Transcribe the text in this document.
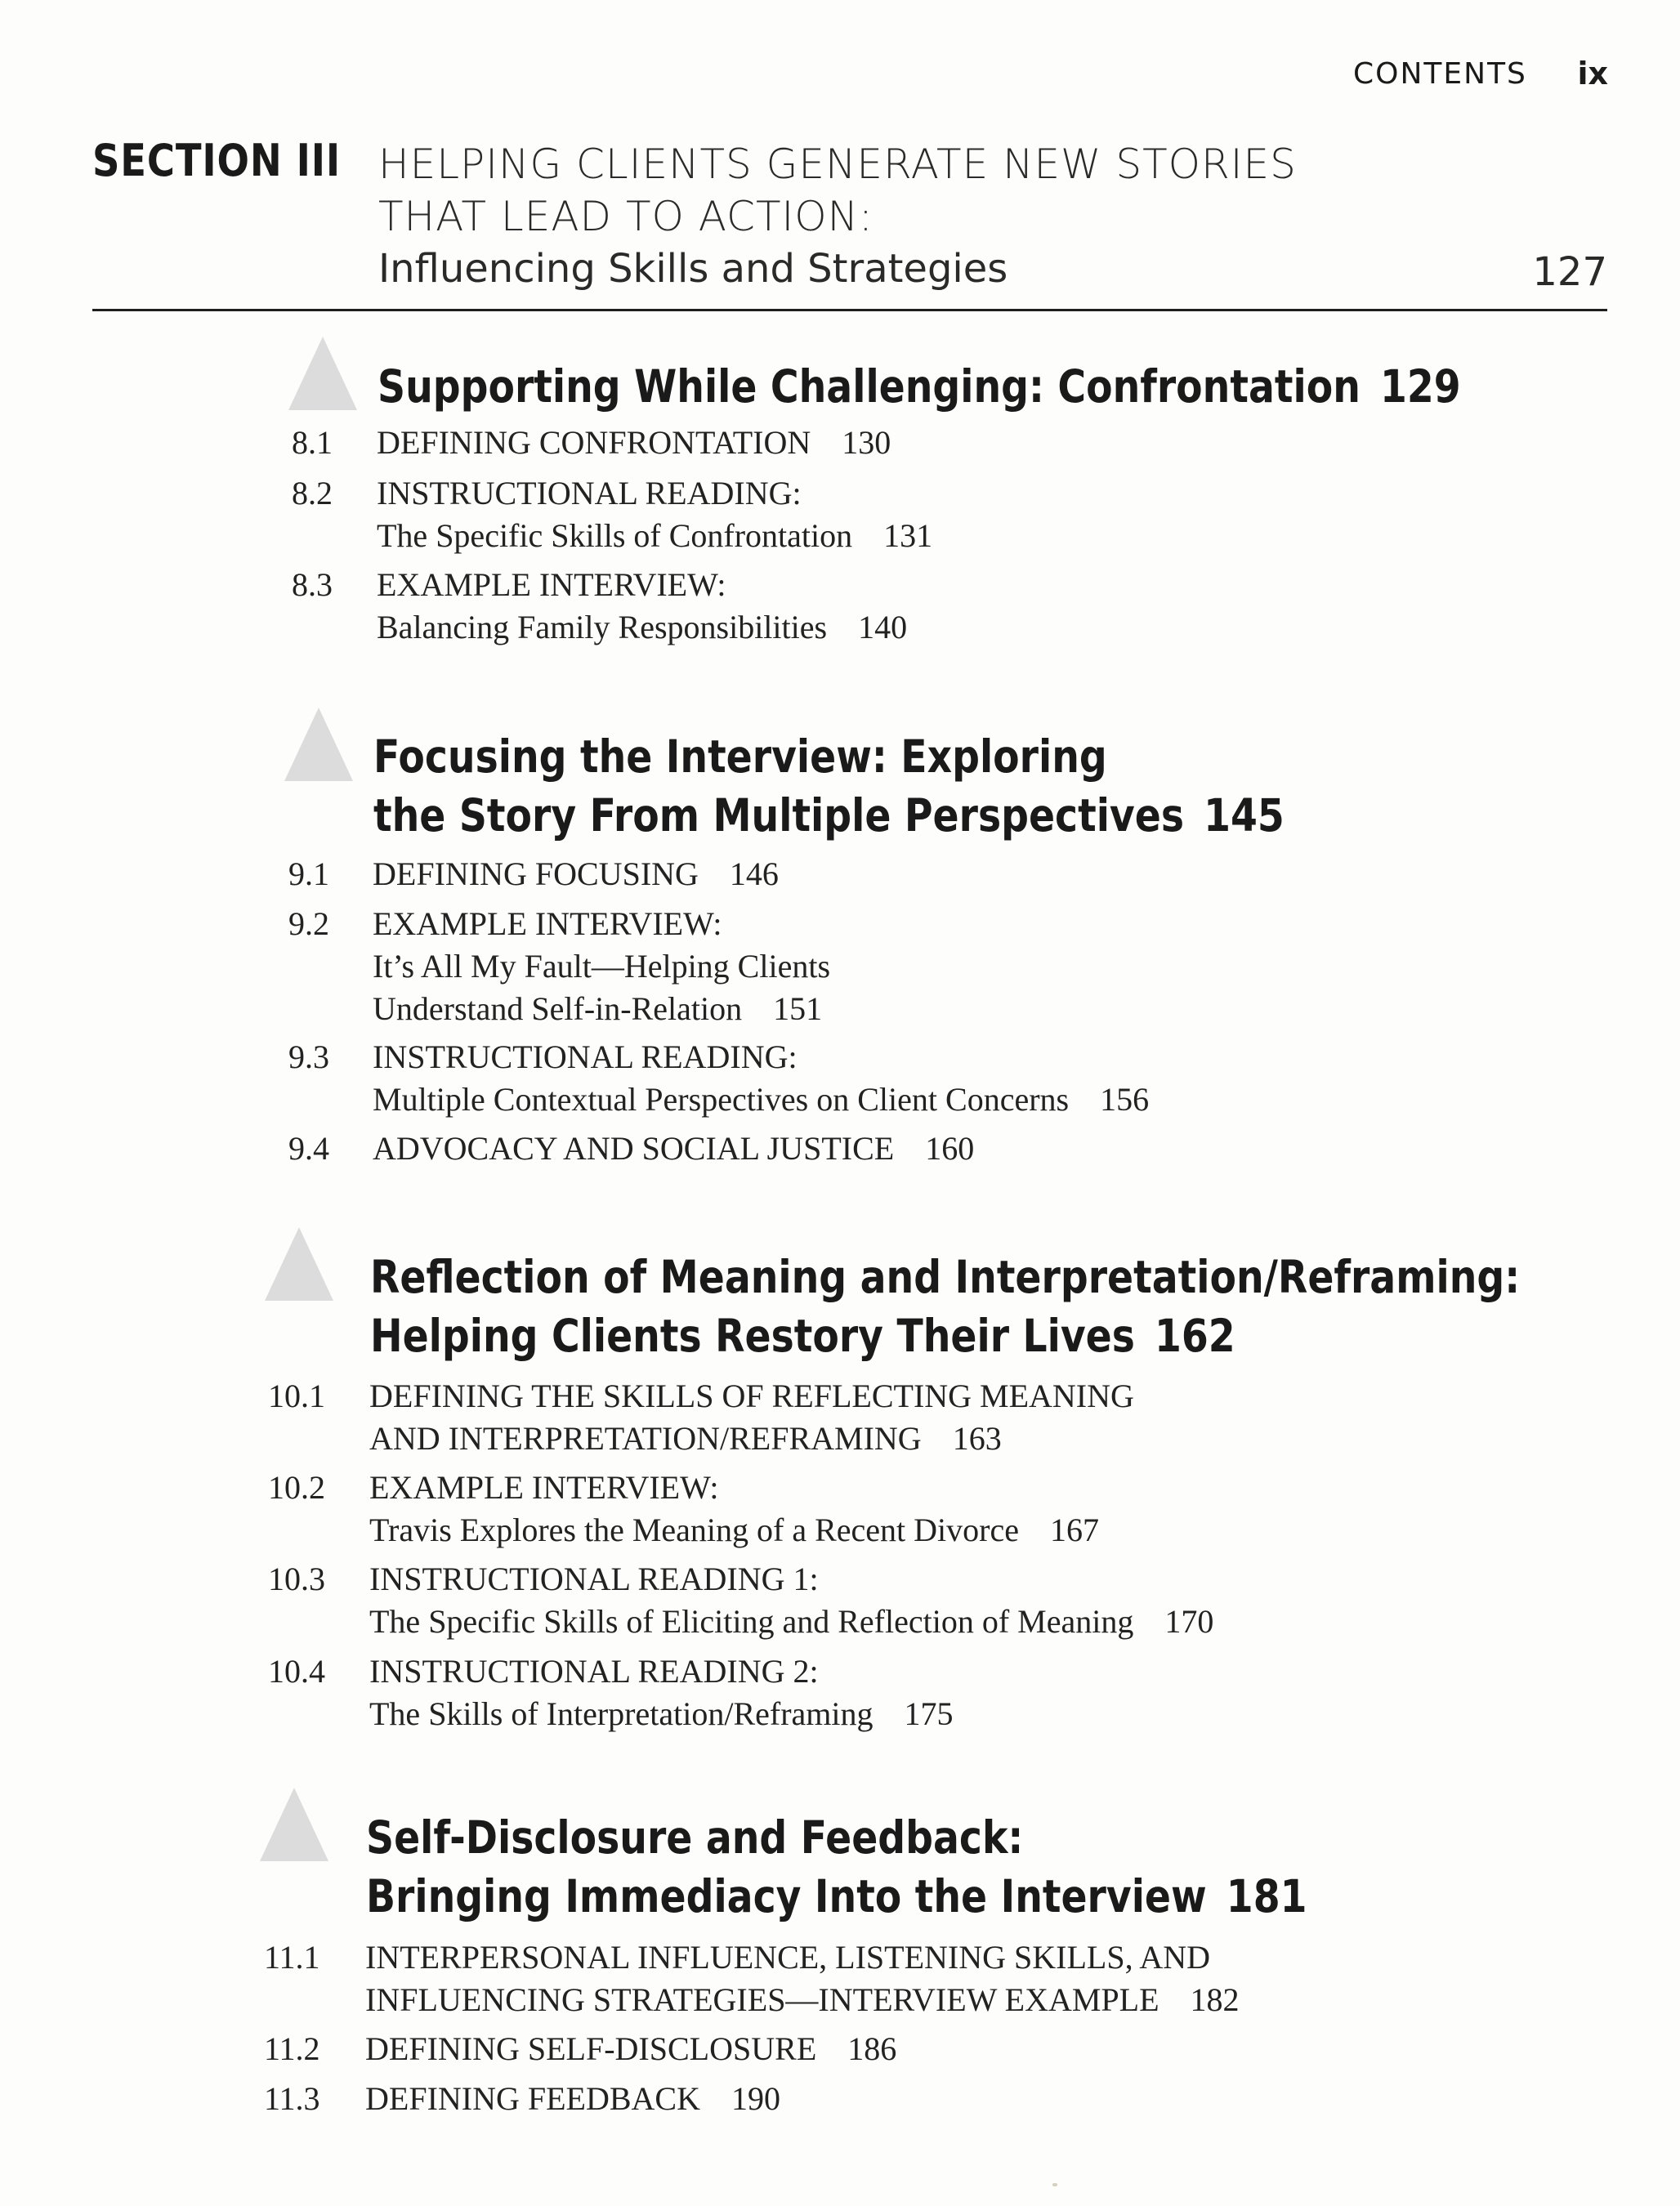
CONTENTS ix
SECTION III HELPING CLIENTS GENERATE NEW STORIES
THAT LEAD TO ACTION:
Influencing Skills and Strategies	127
Supporting While Challenging: Confrontation 129
8.1 DEFINING CONFRONTATION 130
8.2 INSTRUCTIONAL READING:
The Specific Skills of Confrontation 131
8.3 EXAMPLE INTERVIEW:
Balancing Family Responsibilities 140
Focusing the Interview: Exploring
the Story From Multiple Perspectives 145
9.1 DEFINING FOCUSING 146
9.2 EXAMPLE INTERVIEW:
It’s All My Fault—Helping Clients
Understand Self-in-Relation 151
9.3 INSTRUCTIONAL READING:
Multiple Contextual Perspectives on Client Concerns 156
9.4 ADVOCACY AND SOCIAL JUSTICE 160
Reflection of Meaning and Interpretation/Reframing:
Helping Clients Restory Their Lives 162
10.1 DEFINING THE SKILLS OF REFLECTING MEANING
AND INTERPRETATION/REFRAMING 163
10.2 EXAMPLE INTERVIEW:
Travis Explores the Meaning of a Recent Divorce 167
10.3 INSTRUCTIONAL READING 1:
The Specific Skills of Eliciting and Reflection of Meaning 170
10.4 INSTRUCTIONAL READING 2:
The Skills of Interpretation/Reframing 175
Self-Disclosure and Feedback:
Bringing Immediacy Into the Interview 181
11.1 INTERPERSONAL INFLUENCE, LISTENING SKILLS, AND
INFLUENCING STRATEGIES—INTERVIEW EXAMPLE 182
11.2 DEFINING SELF-DISCLOSURE 186
11.3 DEFINING FEEDBACK 190
